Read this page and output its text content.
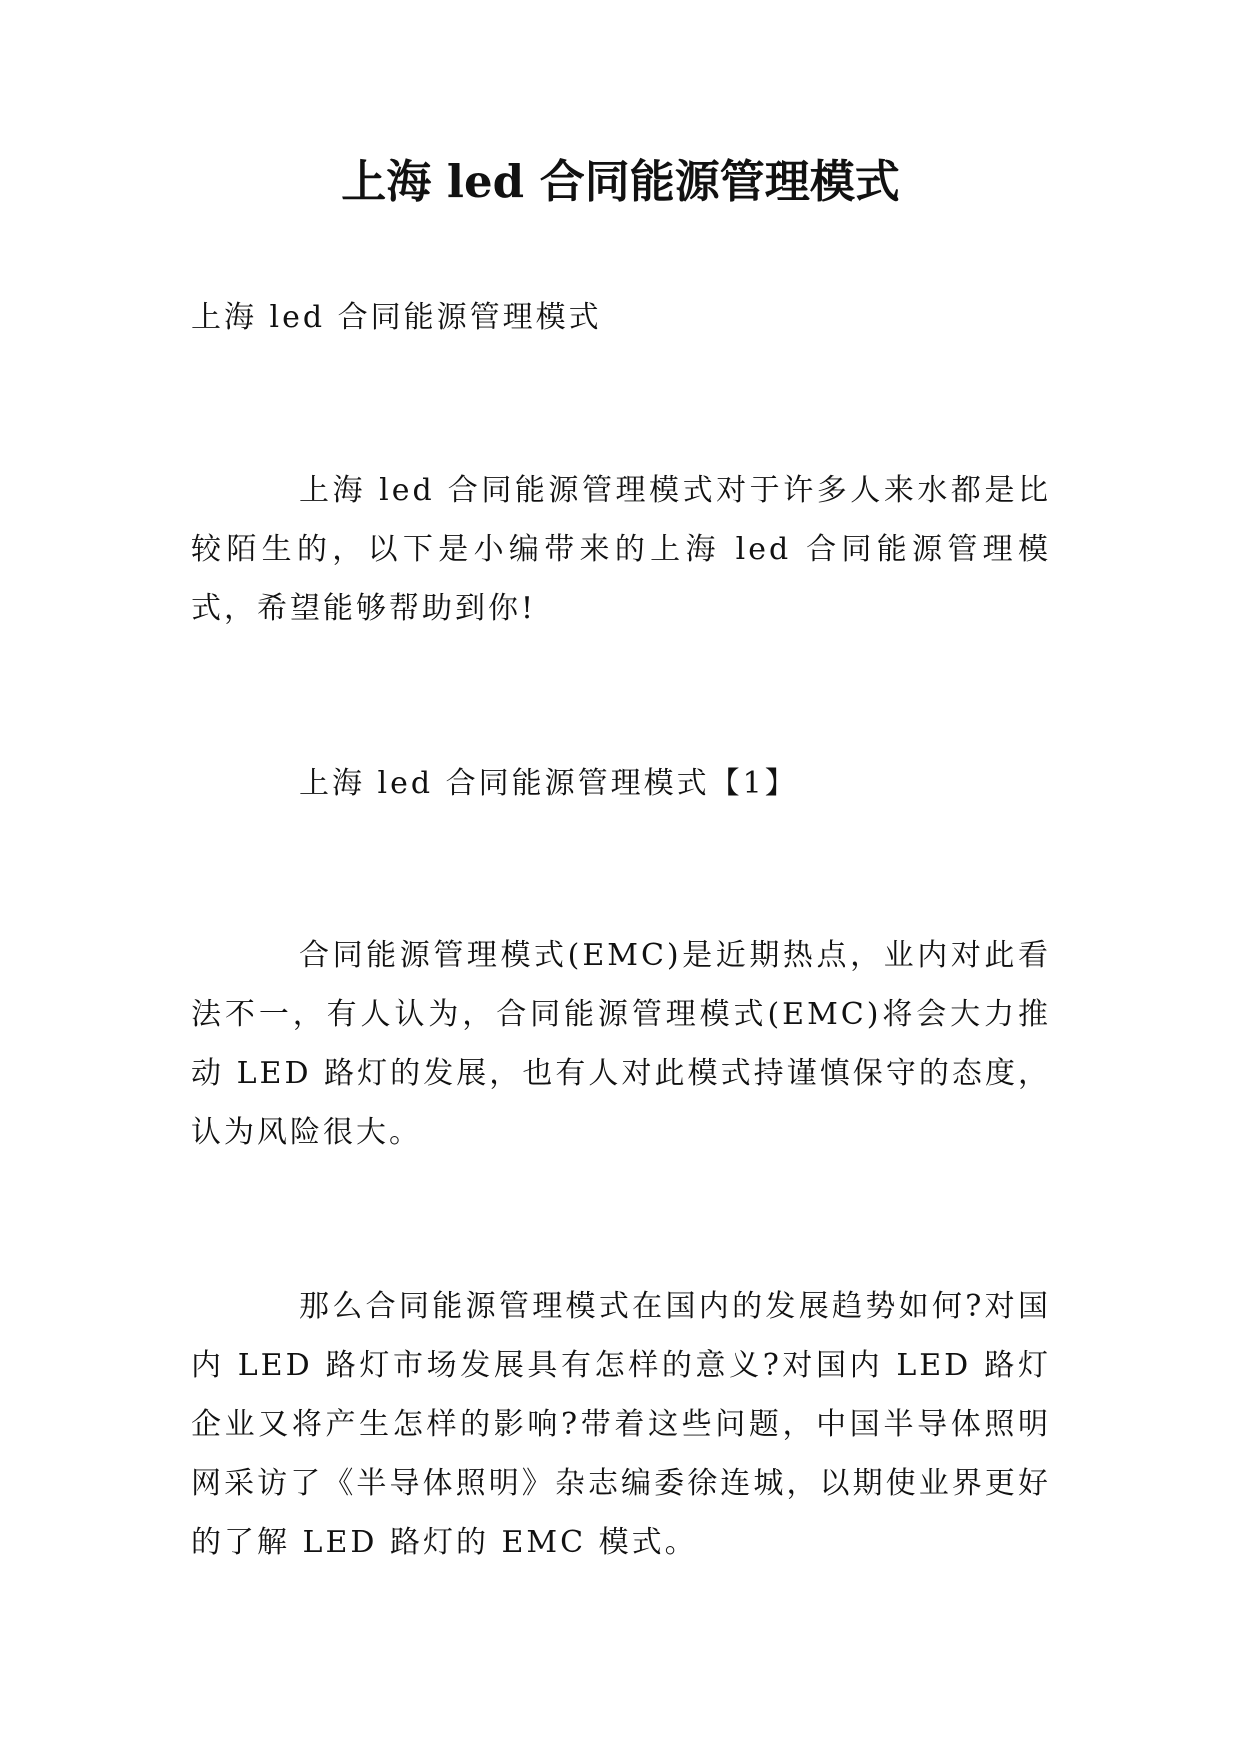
上海 led 合同能源管理模式

上海 led 合同能源管理模式

上海 led 合同能源管理模式对于许多人来水都是比较陌生的，以下是小编带来的上海 led 合同能源管理模式，希望能够帮助到你!

上海 led 合同能源管理模式【1】

合同能源管理模式(EMC)是近期热点，业内对此看法不一，有人认为，合同能源管理模式(EMC)将会大力推动 LED 路灯的发展，也有人对此模式持谨慎保守的态度，认为风险很大。

那么合同能源管理模式在国内的发展趋势如何?对国内 LED 路灯市场发展具有怎样的意义?对国内 LED 路灯企业又将产生怎样的影响?带着这些问题，中国半导体照明网采访了《半导体照明》杂志编委徐连城，以期使业界更好的了解 LED 路灯的 EMC 模式。
